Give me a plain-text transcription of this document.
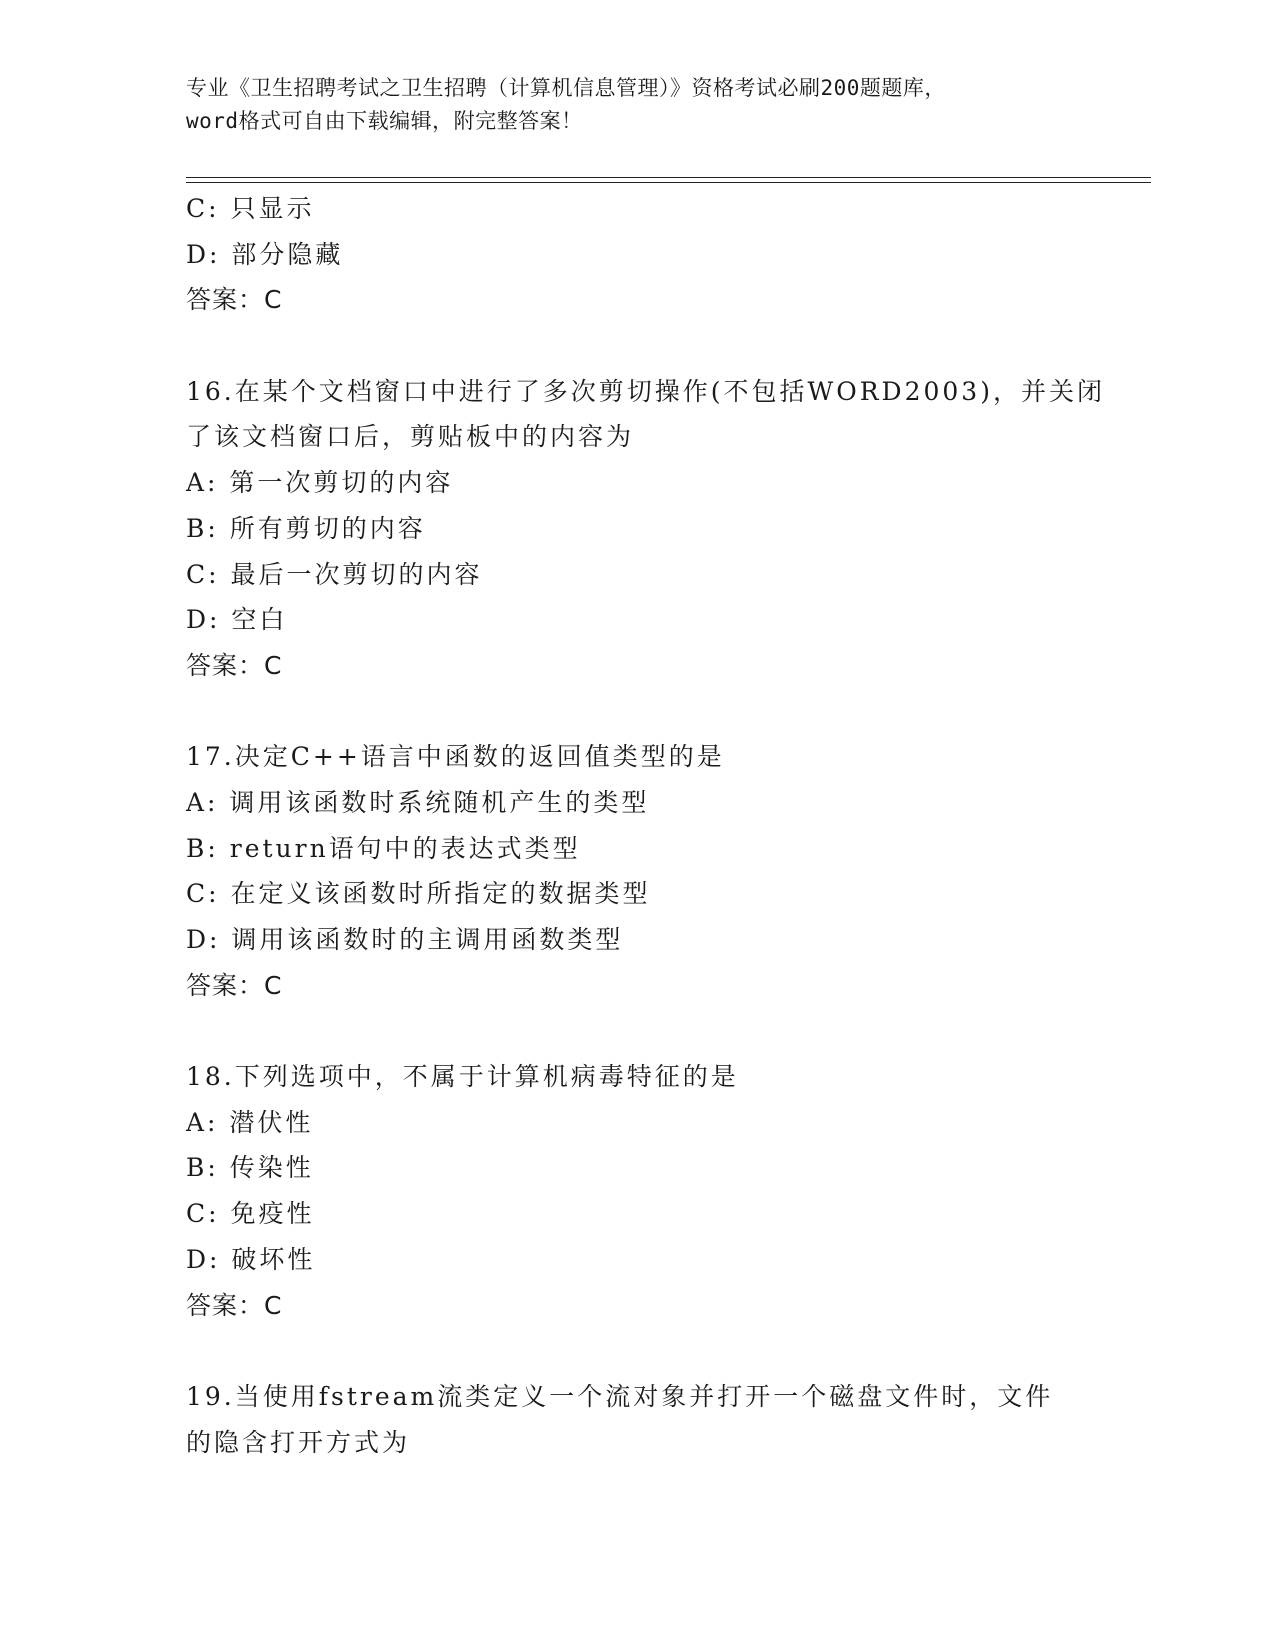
专业《卫生招聘考试之卫生招聘（计算机信息管理）》资格考试必刷200题题库，
word格式可自由下载编辑，附完整答案！
C: 只显示
D: 部分隐藏
答案：C
16.在某个文档窗口中进行了多次剪切操作(不包括WORD2003)，并关闭
了该文档窗口后，剪贴板中的内容为
A: 第一次剪切的内容
B: 所有剪切的内容
C: 最后一次剪切的内容
D: 空白
答案：C
17.决定C++语言中函数的返回值类型的是
A: 调用该函数时系统随机产生的类型
B: return语句中的表达式类型
C: 在定义该函数时所指定的数据类型
D: 调用该函数时的主调用函数类型
答案：C
18.下列选项中，不属于计算机病毒特征的是
A: 潜伏性
B: 传染性
C: 免疫性
D: 破坏性
答案：C
19.当使用fstream流类定义一个流对象并打开一个磁盘文件时，文件
的隐含打开方式为
